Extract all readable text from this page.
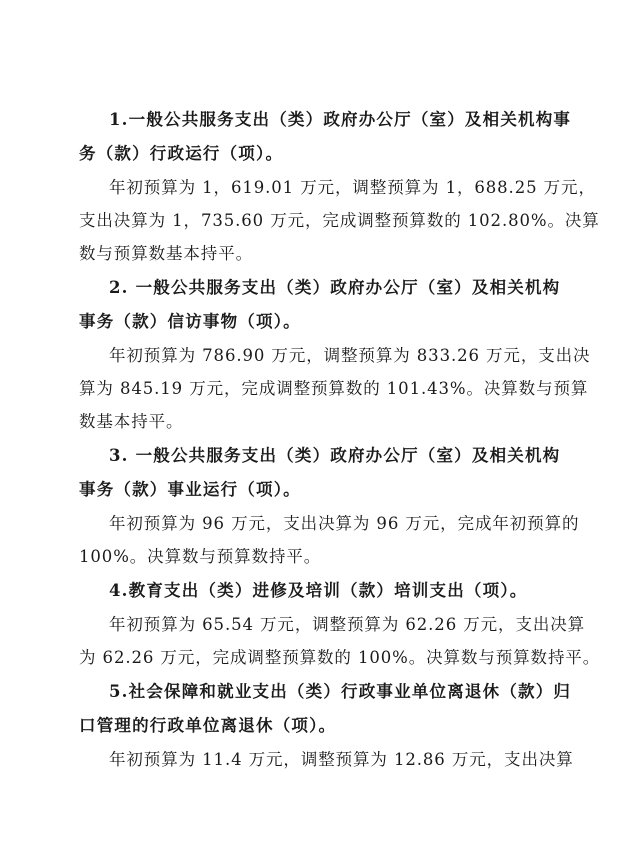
1.一般公共服务支出（类）政府办公厅（室）及相关机构事
务（款）行政运行（项）。
年初预算为 1，619.01 万元，调整预算为 1，688.25 万元，
支出决算为 1，735.60 万元，完成调整预算数的 102.80%。决算
数与预算数基本持平。
2. 一般公共服务支出（类）政府办公厅（室）及相关机构
事务（款）信访事物（项）。
年初预算为 786.90 万元，调整预算为 833.26 万元，支出决
算为 845.19 万元，完成调整预算数的 101.43%。决算数与预算
数基本持平。
3. 一般公共服务支出（类）政府办公厅（室）及相关机构
事务（款）事业运行（项）。
年初预算为 96 万元，支出决算为 96 万元，完成年初预算的
100%。决算数与预算数持平。
4.教育支出（类）进修及培训（款）培训支出（项）。
年初预算为 65.54 万元，调整预算为 62.26 万元，支出决算
为 62.26 万元，完成调整预算数的 100%。决算数与预算数持平。
5.社会保障和就业支出（类）行政事业单位离退休（款）归
口管理的行政单位离退休（项）。
年初预算为 11.4 万元，调整预算为 12.86 万元，支出决算
